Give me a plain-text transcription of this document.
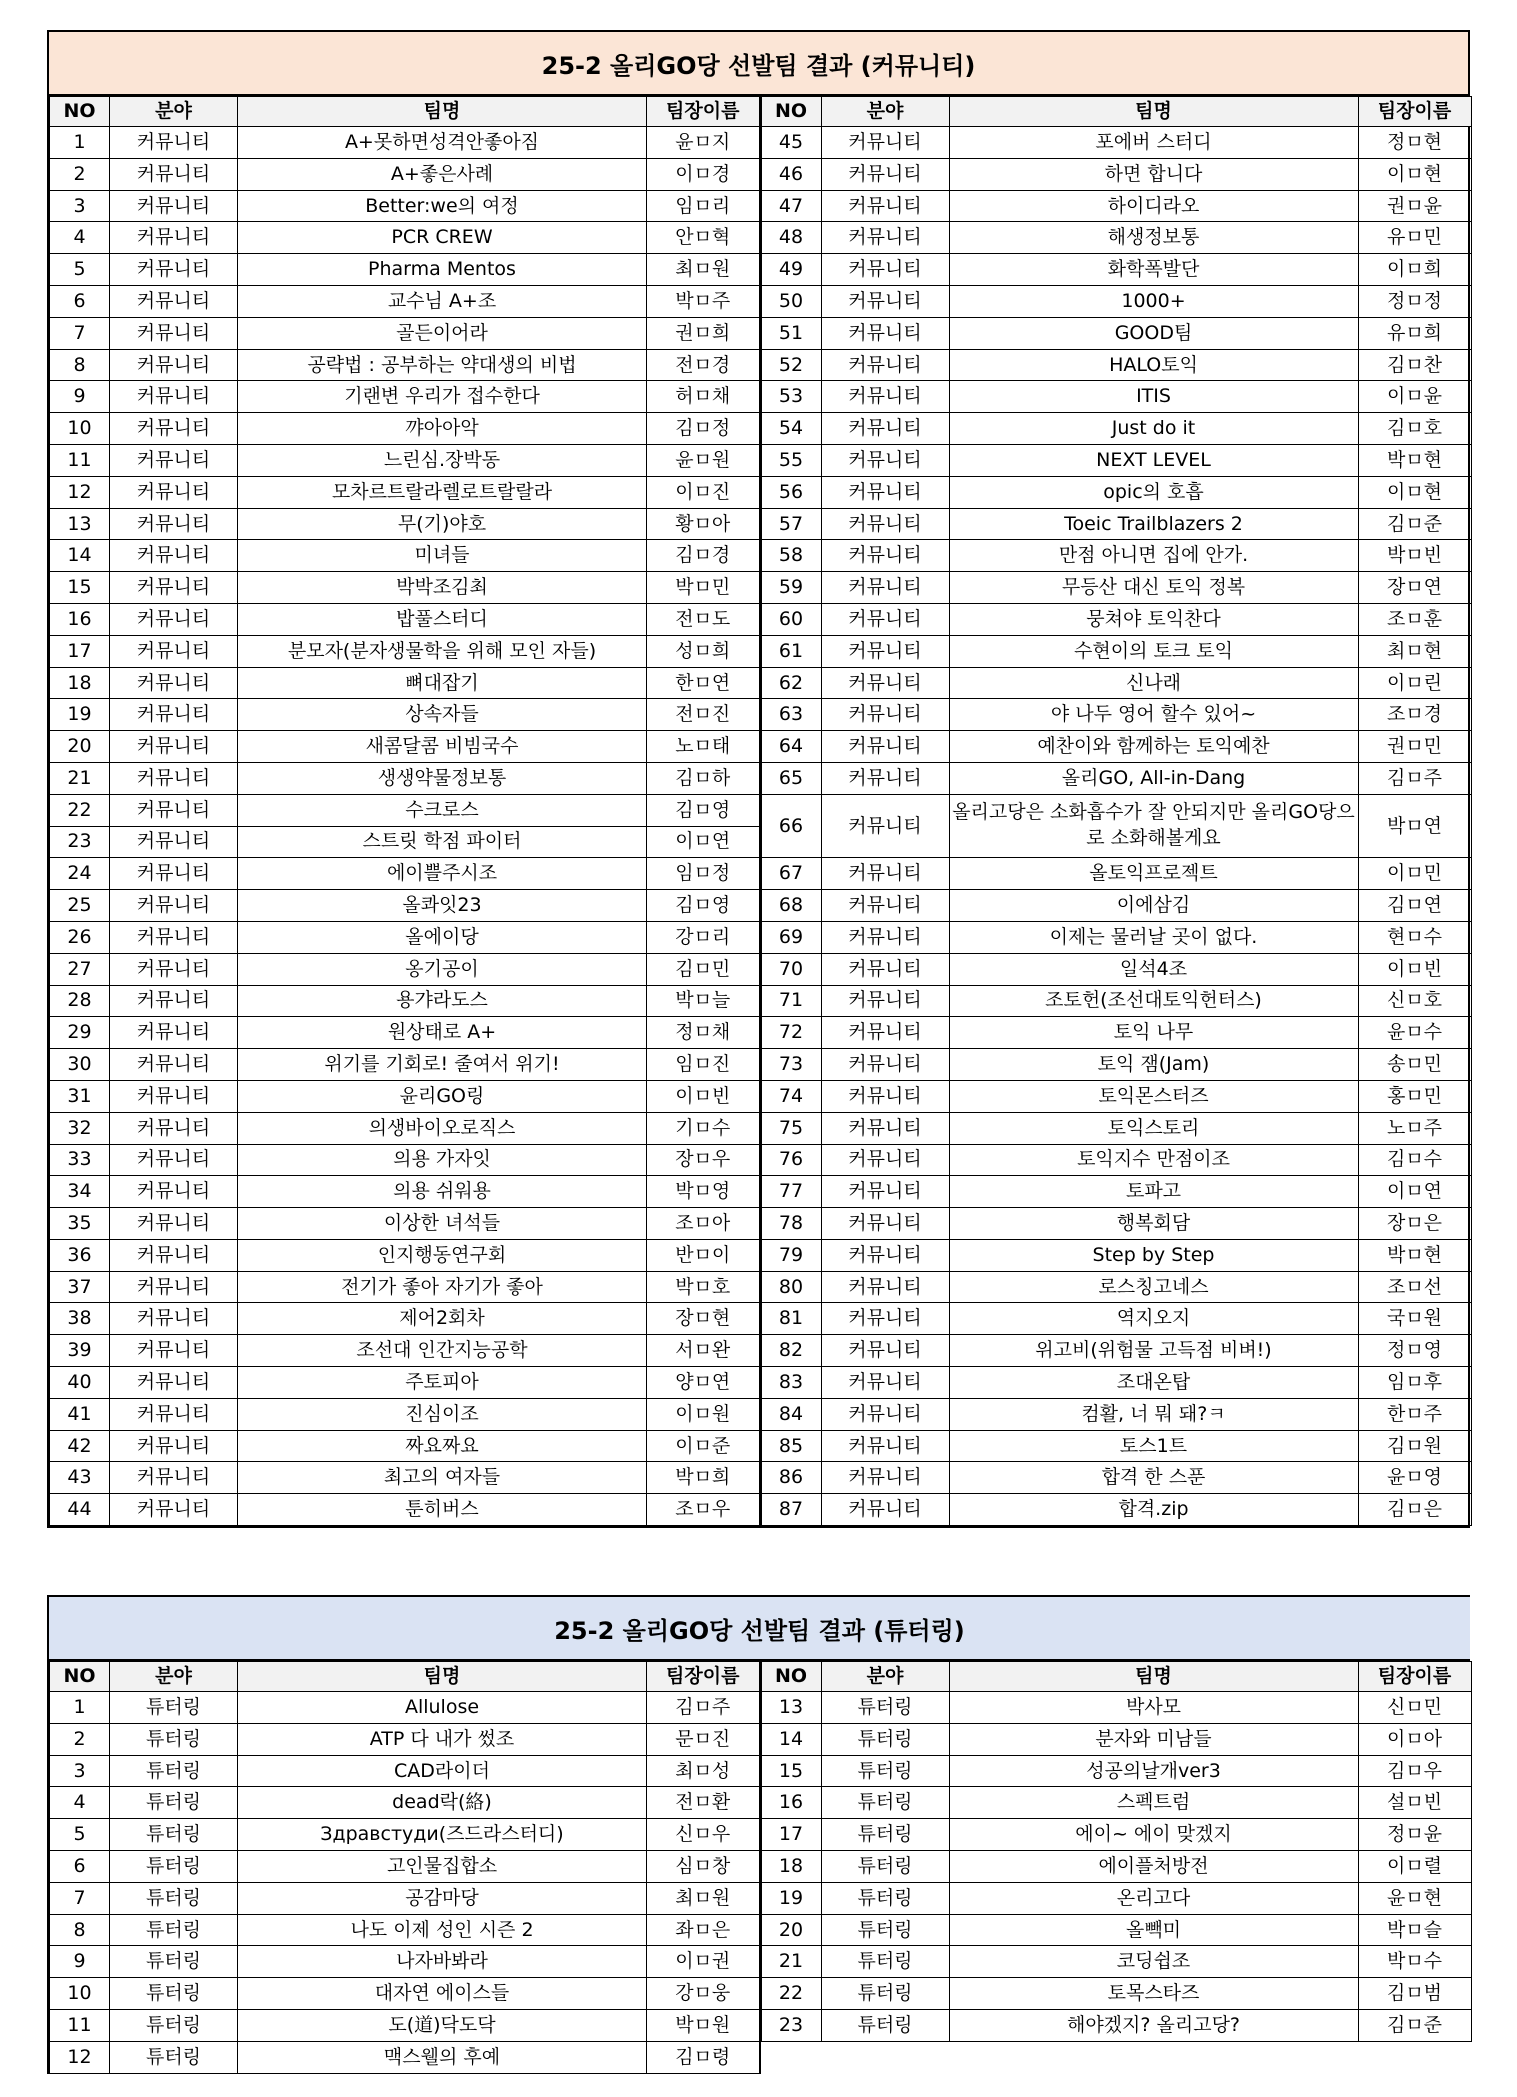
25-2 올리GO당 선발팀 결과 (커뮤니티)
NO	분야	팀명	팀장이름
1	커뮤니티	A+못하면성격안좋아짐	윤ㅁ지
2	커뮤니티	A+좋은사례	이ㅁ경
3	커뮤니티	Better:we의 여정	임ㅁ리
4	커뮤니티	PCR CREW	안ㅁ혁
5	커뮤니티	Pharma Mentos	최ㅁ원
6	커뮤니티	교수님 A+조	박ㅁ주
7	커뮤니티	골든이어라	권ㅁ희
8	커뮤니티	공략법 : 공부하는 약대생의 비법	전ㅁ경
9	커뮤니티	기랜변 우리가 접수한다	허ㅁ채
10	커뮤니티	꺄아아악	김ㅁ정
11	커뮤니티	느린심.장박동	윤ㅁ원
12	커뮤니티	모차르트랄라렐로트랄랄라	이ㅁ진
13	커뮤니티	무(기)야호	황ㅁ아
14	커뮤니티	미녀들	김ㅁ경
15	커뮤니티	박박조김최	박ㅁ민
16	커뮤니티	밥풀스터디	전ㅁ도
17	커뮤니티	분모자(분자생물학을 위해 모인 자들)	성ㅁ희
18	커뮤니티	뼈대잡기	한ㅁ연
19	커뮤니티	상속자들	전ㅁ진
20	커뮤니티	새콤달콤 비빔국수	노ㅁ태
21	커뮤니티	생생약물정보통	김ㅁ하
22	커뮤니티	수크로스	김ㅁ영
23	커뮤니티	스트릿 학점 파이터	이ㅁ연
24	커뮤니티	에이쁠주시조	임ㅁ정
25	커뮤니티	올콰잇23	김ㅁ영
26	커뮤니티	올에이당	강ㅁ리
27	커뮤니티	옹기공이	김ㅁ민
28	커뮤니티	용갸라도스	박ㅁ늘
29	커뮤니티	원상태로 A+	정ㅁ채
30	커뮤니티	위기를 기회로! 줄여서 위기!	임ㅁ진
31	커뮤니티	윤리GO링	이ㅁ빈
32	커뮤니티	의생바이오로직스	기ㅁ수
33	커뮤니티	의용 가자잇	장ㅁ우
34	커뮤니티	의용 쉬워용	박ㅁ영
35	커뮤니티	이상한 녀석들	조ㅁ아
36	커뮤니티	인지행동연구회	반ㅁ이
37	커뮤니티	전기가 좋아 자기가 좋아	박ㅁ호
38	커뮤니티	제어2회차	장ㅁ현
39	커뮤니티	조선대 인간지능공학	서ㅁ완
40	커뮤니티	주토피아	양ㅁ연
41	커뮤니티	진심이조	이ㅁ원
42	커뮤니티	짜요짜요	이ㅁ준
43	커뮤니티	최고의 여자들	박ㅁ희
44	커뮤니티	툰히버스	조ㅁ우
NO	분야	팀명	팀장이름
45	커뮤니티	포에버 스터디	정ㅁ현
46	커뮤니티	하면 합니다	이ㅁ현
47	커뮤니티	하이디라오	권ㅁ윤
48	커뮤니티	해생정보통	유ㅁ민
49	커뮤니티	화학폭발단	이ㅁ희
50	커뮤니티	1000+	정ㅁ정
51	커뮤니티	GOOD팀	유ㅁ희
52	커뮤니티	HALO토익	김ㅁ찬
53	커뮤니티	ITIS	이ㅁ윤
54	커뮤니티	Just do it	김ㅁ호
55	커뮤니티	NEXT LEVEL	박ㅁ현
56	커뮤니티	opic의 호흡	이ㅁ현
57	커뮤니티	Toeic Trailblazers 2	김ㅁ준
58	커뮤니티	만점 아니면 집에 안가.	박ㅁ빈
59	커뮤니티	무등산 대신 토익 정복	장ㅁ연
60	커뮤니티	뭉쳐야 토익찬다	조ㅁ훈
61	커뮤니티	수현이의 토크 토익	최ㅁ현
62	커뮤니티	신나래	이ㅁ린
63	커뮤니티	야 나두 영어 할수 있어~	조ㅁ경
64	커뮤니티	예찬이와 함께하는 토익예찬	권ㅁ민
65	커뮤니티	올리GO, All-in-Dang	김ㅁ주
66	커뮤니티	올리고당은 소화흡수가 잘 안되지만 올리GO당으로 소화해볼게요	박ㅁ연
67	커뮤니티	올토익프로젝트	이ㅁ민
68	커뮤니티	이에삼김	김ㅁ연
69	커뮤니티	이제는 물러날 곳이 없다.	현ㅁ수
70	커뮤니티	일석4조	이ㅁ빈
71	커뮤니티	조토헌(조선대토익헌터스)	신ㅁ호
72	커뮤니티	토익 나무	윤ㅁ수
73	커뮤니티	토익 잼(Jam)	송ㅁ민
74	커뮤니티	토익몬스터즈	홍ㅁ민
75	커뮤니티	토익스토리	노ㅁ주
76	커뮤니티	토익지수 만점이조	김ㅁ수
77	커뮤니티	토파고	이ㅁ연
78	커뮤니티	행복회담	장ㅁ은
79	커뮤니티	Step by Step	박ㅁ현
80	커뮤니티	로스칭고네스	조ㅁ선
81	커뮤니티	역지오지	국ㅁ원
82	커뮤니티	위고비(위험물 고득점 비벼!)	정ㅁ영
83	커뮤니티	조대온탑	임ㅁ후
84	커뮤니티	컴활, 너 뭐 돼?ㅋ	한ㅁ주
85	커뮤니티	토스1트	김ㅁ원
86	커뮤니티	합격 한 스푼	윤ㅁ영
87	커뮤니티	합격.zip	김ㅁ은
25-2 올리GO당 선발팀 결과 (튜터링)
NO	분야	팀명	팀장이름
1	튜터링	Allulose	김ㅁ주
2	튜터링	ATP 다 내가 썼조	문ㅁ진
3	튜터링	CAD라이더	최ㅁ성
4	튜터링	dead락(絡)	전ㅁ환
5	튜터링	Здравстуди(즈드라스터디)	신ㅁ우
6	튜터링	고인물집합소	심ㅁ창
7	튜터링	공감마당	최ㅁ원
8	튜터링	나도 이제 성인 시즌 2	좌ㅁ은
9	튜터링	나자바봐라	이ㅁ권
10	튜터링	대자연 에이스들	강ㅁ웅
11	튜터링	도(道)닥도닥	박ㅁ원
12	튜터링	맥스웰의 후예	김ㅁ령
NO	분야	팀명	팀장이름
13	튜터링	박사모	신ㅁ민
14	튜터링	분자와 미남들	이ㅁ아
15	튜터링	성공의날개ver3	김ㅁ우
16	튜터링	스펙트럼	설ㅁ빈
17	튜터링	에이~ 에이 맞겠지	정ㅁ윤
18	튜터링	에이플처방전	이ㅁ렬
19	튜터링	온리고다	윤ㅁ현
20	튜터링	올빽미	박ㅁ슬
21	튜터링	코딩쉽조	박ㅁ수
22	튜터링	토목스타즈	김ㅁ범
23	튜터링	해야겠지? 올리고당?	김ㅁ준
